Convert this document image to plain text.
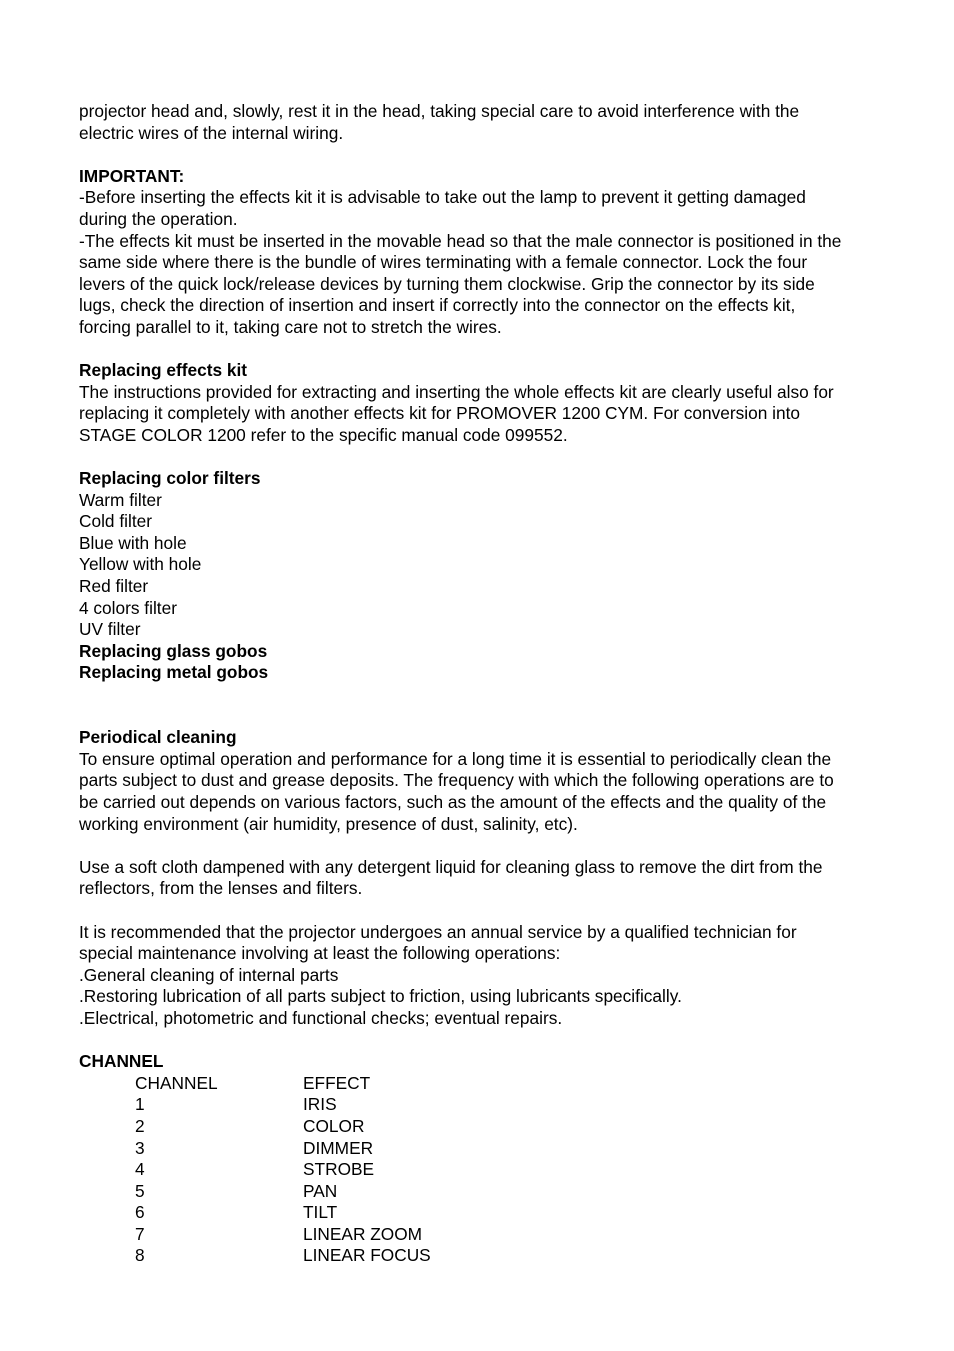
projector head and, slowly, rest it in the head, taking special care to avoid interference with the
electric wires of the internal wiring.
IMPORTANT:
-Before inserting the effects kit it is advisable to take out the lamp to prevent it getting damaged
during the operation.
-The effects kit must be inserted in the movable head so that the male connector is positioned in the
same side where there is the bundle of wires terminating with a female connector. Lock the four
levers of the quick lock/release devices by turning them clockwise. Grip the connector by its side
lugs, check the direction of insertion and insert if correctly into the connector on the effects kit,
forcing parallel to it, taking care not to stretch the wires.
Replacing effects kit
The instructions provided for extracting and inserting the whole effects kit are clearly useful also for
replacing it completely with another effects kit for PROMOVER 1200 CYM. For conversion into
STAGE COLOR 1200 refer to the specific manual code 099552.
Replacing color filters
Warm filter
Cold filter
Blue with hole
Yellow with hole
Red filter
4 colors filter
UV filter
Replacing glass gobos
Replacing metal gobos
Periodical cleaning
To ensure optimal operation and performance for a long time it is essential to periodically clean the
parts subject to dust and grease deposits. The frequency with which the following operations are to
be carried out depends on various factors, such as the amount of the effects and the quality of the
working environment (air humidity, presence of dust, salinity, etc).
Use a soft cloth dampened with any detergent liquid for cleaning glass to remove the dirt from the
reflectors, from the lenses and filters.
It is recommended that the projector undergoes an annual service by a qualified technician for
special maintenance involving at least the following operations:
.General cleaning of internal parts
.Restoring lubrication of all parts subject to friction, using lubricants specifically.
.Electrical, photometric and functional checks; eventual repairs.
CHANNEL
CHANNEL	EFFECT
1	IRIS
2	COLOR
3	DIMMER
4	STROBE
5	PAN
6	TILT
7	LINEAR ZOOM
8	LINEAR FOCUS
